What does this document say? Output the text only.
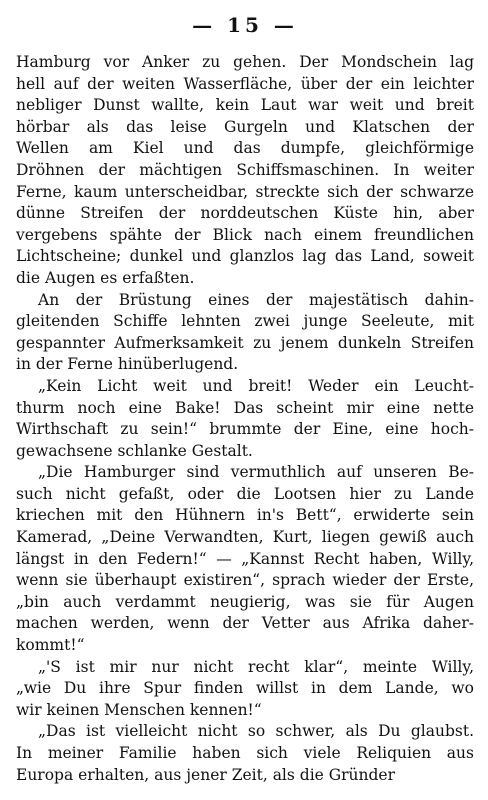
— 15 —
Hamburg vor Anker zu gehen. Der Mondschein lag
hell auf der weiten Wasserfläche, über der ein leichter
nebliger Dunst wallte, kein Laut war weit und breit
hörbar als das leise Gurgeln und Klatschen der
Wellen am Kiel und das dumpfe, gleichförmige
Dröhnen der mächtigen Schiffsmaschinen. In weiter
Ferne, kaum unterscheidbar, streckte sich der schwarze
dünne Streifen der norddeutschen Küste hin, aber
vergebens spähte der Blick nach einem freundlichen
Lichtscheine; dunkel und glanzlos lag das Land, soweit
die Augen es erfaßten.
An der Brüstung eines der majestätisch dahin-
gleitenden Schiffe lehnten zwei junge Seeleute, mit
gespannter Aufmerksamkeit zu jenem dunkeln Streifen
in der Ferne hinüberlugend.
„Kein Licht weit und breit! Weder ein Leucht-
thurm noch eine Bake! Das scheint mir eine nette
Wirthschaft zu sein!“ brummte der Eine, eine hoch-
gewachsene schlanke Gestalt.
„Die Hamburger sind vermuthlich auf unseren Be-
such nicht gefaßt, oder die Lootsen hier zu Lande
kriechen mit den Hühnern in's Bett“, erwiderte sein
Kamerad, „Deine Verwandten, Kurt, liegen gewiß auch
längst in den Federn!“ — „Kannst Recht haben, Willy,
wenn sie überhaupt existiren“, sprach wieder der Erste,
„bin auch verdammt neugierig, was sie für Augen
machen werden, wenn der Vetter aus Afrika daher-
kommt!“
„'S ist mir nur nicht recht klar“, meinte Willy,
„wie Du ihre Spur finden willst in dem Lande, wo
wir keinen Menschen kennen!“
„Das ist vielleicht nicht so schwer, als Du glaubst.
In meiner Familie haben sich viele Reliquien aus
Europa erhalten, aus jener Zeit, als die Gründer
